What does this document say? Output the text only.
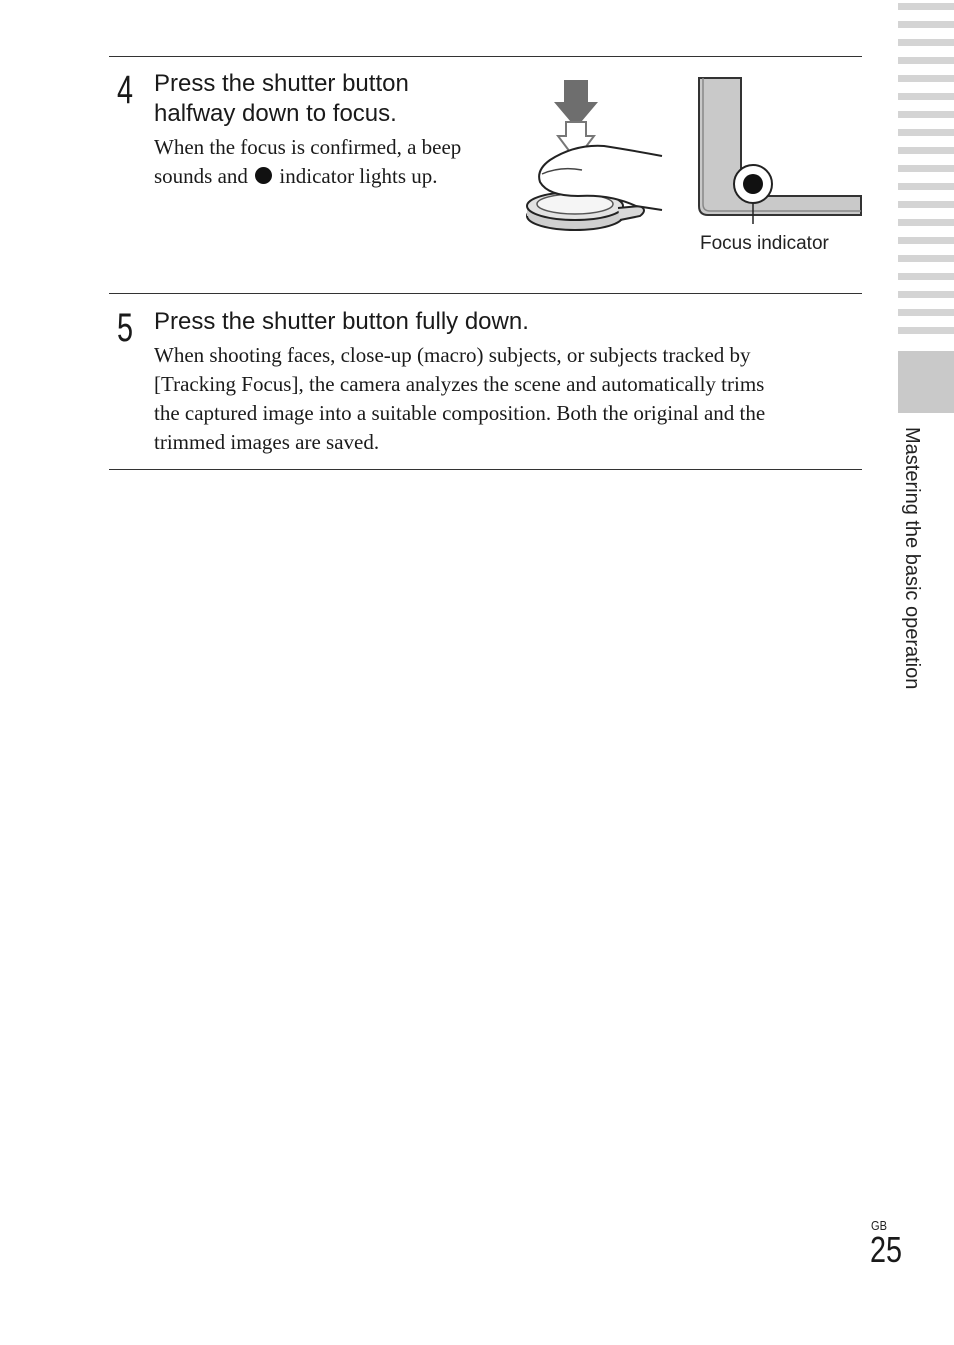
4 Press the shutter button
halfway down to focus.
When the focus is confirmed, a beep
sounds and indicator lights up.
Focus indicator
5 Press the shutter button fully down.
When shooting faces, close-up (macro) subjects, or subjects tracked by
[Tracking Focus], the camera analyzes the scene and automatically trims
the captured image into a suitable composition. Both the original and the
trimmed images are saved.	Mastering the basic operation
GB
25
